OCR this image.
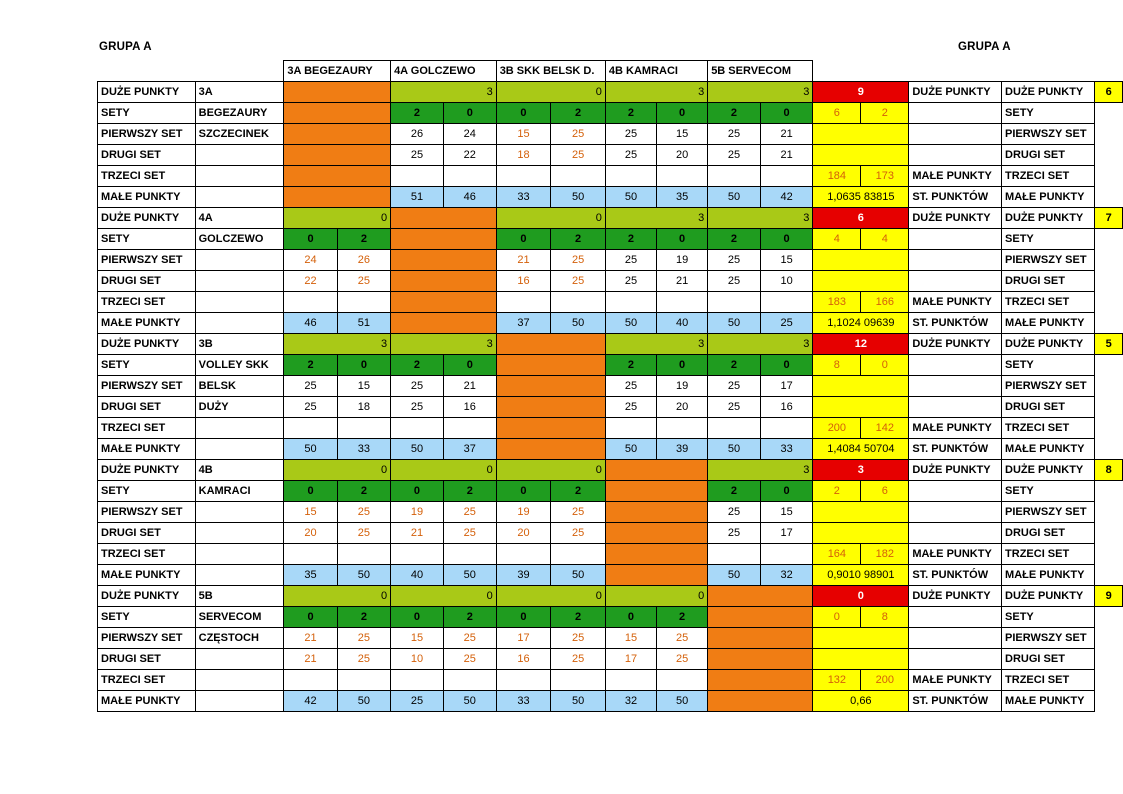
GRUPA A	GRUPA A
		3A BEGEZAURY		4A GOLCZEWO		3B SKK BELSK D.		4B KAMRACI		5B SERVECOM						
DUŻE PUNKTY	3A			3		0		3		3		9		DUŻE PUNKTY	DUŻE PUNKTY	6
SETY	BEGEZAURY			2	0	0	2	2	0	2	0	6	2		SETY	
PIERWSZY SET	SZCZECINEK			26	24	15	25	25	15	25	21				PIERWSZY SET	
DRUGI SET				25	22	18	25	25	20	25	21				DRUGI SET	
TRZECI SET												184	173	MAŁE PUNKTY	TRZECI SET	
MAŁE PUNKTY				51	46	33	50	50	35	50	42	1,0635 83815		ST. PUNKTÓW	MAŁE PUNKTY	
DUŻE PUNKTY	4A	0				0		3		3		6		DUŻE PUNKTY	DUŻE PUNKTY	7
SETY	GOLCZEWO	0	2			0	2	2	0	2	0	4	4		SETY	
PIERWSZY SET		24	26			21	25	25	19	25	15				PIERWSZY SET	
DRUGI SET		22	25			16	25	25	21	25	10				DRUGI SET	
TRZECI SET												183	166	MAŁE PUNKTY	TRZECI SET	
MAŁE PUNKTY		46	51			37	50	50	40	50	25	1,1024 09639		ST. PUNKTÓW	MAŁE PUNKTY	
DUŻE PUNKTY	3B	3		3				3		3		12		DUŻE PUNKTY	DUŻE PUNKTY	5
SETY	VOLLEY SKK	2	0	2	0			2	0	2	0	8	0		SETY	
PIERWSZY SET	BELSK	25	15	25	21			25	19	25	17				PIERWSZY SET	
DRUGI SET	DUŻY	25	18	25	16			25	20	25	16				DRUGI SET	
TRZECI SET												200	142	MAŁE PUNKTY	TRZECI SET	
MAŁE PUNKTY		50	33	50	37			50	39	50	33	1,4084 50704		ST. PUNKTÓW	MAŁE PUNKTY	
DUŻE PUNKTY	4B	0		0		0				3		3		DUŻE PUNKTY	DUŻE PUNKTY	8
SETY	KAMRACI	0	2	0	2	0	2			2	0	2	6		SETY	
PIERWSZY SET		15	25	19	25	19	25			25	15				PIERWSZY SET	
DRUGI SET		20	25	21	25	20	25			25	17				DRUGI SET	
TRZECI SET												164	182	MAŁE PUNKTY	TRZECI SET	
MAŁE PUNKTY		35	50	40	50	39	50			50	32	0,9010 98901		ST. PUNKTÓW	MAŁE PUNKTY	
DUŻE PUNKTY	5B	0		0		0		0				0		DUŻE PUNKTY	DUŻE PUNKTY	9
SETY	SERVECOM	0	2	0	2	0	2	0	2			0	8		SETY	
PIERWSZY SET	CZĘSTOCH	21	25	15	25	17	25	15	25						PIERWSZY SET	
DRUGI SET		21	25	10	25	16	25	17	25						DRUGI SET	
TRZECI SET												132	200	MAŁE PUNKTY	TRZECI SET	
MAŁE PUNKTY		42	50	25	50	33	50	32	50			0,66		ST. PUNKTÓW	MAŁE PUNKTY	
